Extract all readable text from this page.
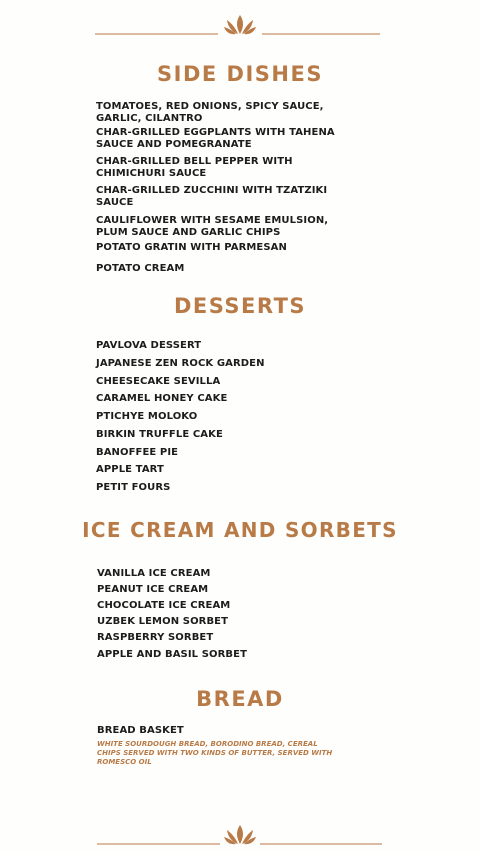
SIDE DISHES
TOMATOES, RED ONIONS, SPICY SAUCE, GARLIC, CILANTRO
CHAR-GRILLED EGGPLANTS WITH TAHENA SAUCE AND POMEGRANATE
CHAR-GRILLED BELL PEPPER WITH CHIMICHURI SAUCE
CHAR-GRILLED ZUCCHINI WITH TZATZIKI SAUCE
CAULIFLOWER WITH SESAME EMULSION, PLUM SAUCE AND GARLIC CHIPS
POTATO GRATIN WITH PARMESAN
POTATO CREAM
DESSERTS
PAVLOVA DESSERT
JAPANESE ZEN ROCK GARDEN
CHEESECAKE SEVILLA
CARAMEL HONEY CAKE
PTICHYE MOLOKO
BIRKIN TRUFFLE CAKE
BANOFFEE PIE
APPLE TART
PETIT FOURS
ICE CREAM AND SORBETS
VANILLA ICE CREAM
PEANUT ICE CREAM
CHOCOLATE ICE CREAM
UZBEK LEMON SORBET
RASPBERRY SORBET
APPLE AND BASIL SORBET
BREAD
BREAD BASKET
WHITE SOURDOUGH BREAD, BORODINO BREAD, CEREAL CHIPS SERVED WITH TWO KINDS OF BUTTER, SERVED WITH ROMESCO OIL
